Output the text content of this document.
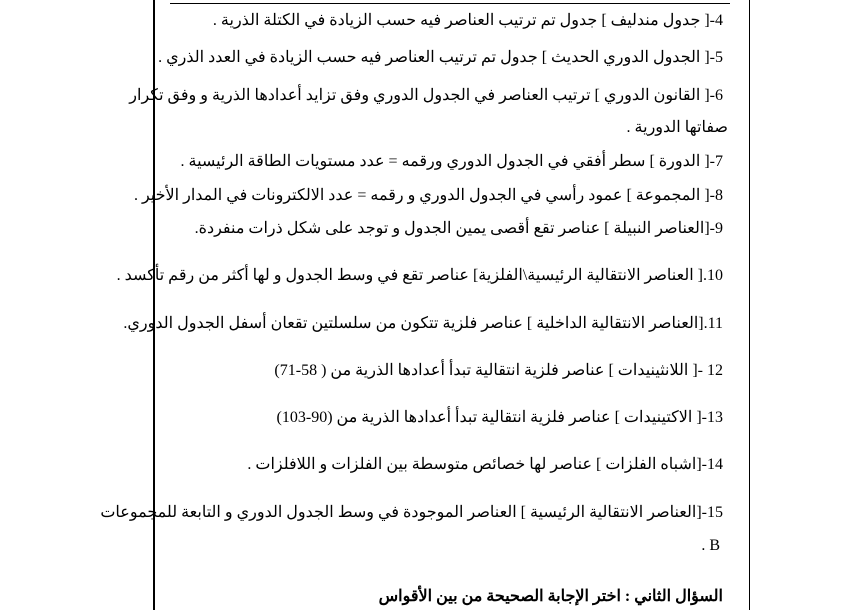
4-[ جدول مندليف ] جدول تم ترتيب العناصر فيه حسب الزيادة في الكتلة الذرية .
5-[ الجدول الدوري الحديث ] جدول تم ترتيب العناصر فيه حسب الزيادة في العدد الذري .
6-[ القانون الدوري ] ترتيب العناصر في الجدول الدوري وفق تزايد أعدادها الذرية و وفق تكرار
صفاتها الدورية .
7-[ الدورة ] سطر أفقي في الجدول الدوري ورقمه = عدد مستويات الطاقة الرئيسية .
8-[ المجموعة ] عمود رأسي في الجدول الدوري و رقمه = عدد الالكترونات في المدار الأخير .
9-[العناصر النبيلة ] عناصر تقع أقصى يمين الجدول و توجد على شكل ذرات منفردة.
10.[ العناصر الانتقالية الرئيسية\الفلزية] عناصر تقع في وسط الجدول و لها أكثر من رقم تأكسد .
11.[العناصر الانتقالية الداخلية ] عناصر فلزية تتكون من سلسلتين تقعان أسفل الجدول الدوري.
12 -[ اللانثينيدات ] عناصر فلزية انتقالية تبدأ أعدادها الذرية من ( 58-71)
13-[ الاكتينيدات ] عناصر فلزية انتقالية تبدأ أعدادها الذرية من (90-103)
14-[اشباه الفلزات ] عناصر لها خصائص متوسطة بين الفلزات و اللافلزات .
15-[العناصر الانتقالية الرئيسية ] العناصر الموجودة في وسط الجدول الدوري و التابعة للمجموعات
B .
السؤال الثاني : اختر الإجابة الصحيحة من بين الأقواس
